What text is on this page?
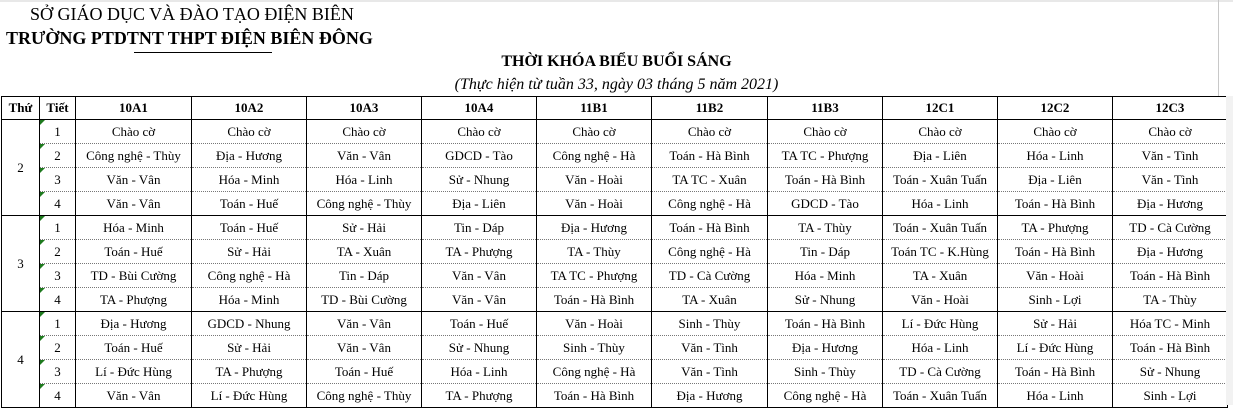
SỞ GIÁO DỤC VÀ ĐÀO TẠO ĐIỆN BIÊN
TRƯỜNG PTDTNT THPT ĐIỆN BIÊN ĐÔNG
THỜI KHÓA BIỂU BUỔI SÁNG
(Thực hiện từ tuần 33, ngày 03 tháng 5 năm 2021)
Thứ	Tiết	10A1	10A2	10A3	10A4	11B1	11B2	11B3	12C1	12C2	12C3
2	1	Chào cờ	Chào cờ	Chào cờ	Chào cờ	Chào cờ	Chào cờ	Chào cờ	Chào cờ	Chào cờ	Chào cờ

2	Công nghệ - Thùy	Địa - Hương	Văn - Vân	GDCD - Tào	Công nghệ - Hà	Toán - Hà Bình	TA TC - Phượng	Địa - Liên	Hóa - Linh	Văn - Tình

3	Văn - Vân	Hóa - Minh	Hóa - Linh	Sử - Nhung	Văn - Hoài	TA TC - Xuân	Toán - Hà Bình	Toán - Xuân Tuấn	Địa - Liên	Văn - Tình

4	Văn - Vân	Toán - Huế	Công nghệ - Thùy	Địa - Liên	Văn - Hoài	Công nghệ - Hà	GDCD - Tào	Hóa - Linh	Toán - Hà Bình	Địa - Hương
3	1	Hóa - Minh	Toán - Huế	Sử - Hải	Tin - Dáp	Địa - Hương	Toán - Hà Bình	TA - Thùy	Toán - Xuân Tuấn	TA - Phượng	TD - Cà Cường

2	Toán - Huế	Sử - Hải	TA - Xuân	TA - Phượng	TA - Thùy	Công nghệ - Hà	Tin - Dáp	Toán TC - K.Hùng	Toán - Hà Bình	Địa - Hương

3	TD - Bùi Cường	Công nghệ - Hà	Tin - Dáp	Văn - Vân	TA TC - Phượng	TD - Cà Cường	Hóa - Minh	TA - Xuân	Văn - Hoài	Toán - Hà Bình

4	TA - Phượng	Hóa - Minh	TD - Bùi Cường	Văn - Vân	Toán - Hà Bình	TA - Xuân	Sử - Nhung	Văn - Hoài	Sinh - Lợi	TA - Thùy
4	1	Địa - Hương	GDCD - Nhung	Văn - Vân	Toán - Huế	Văn - Hoài	Sinh - Thùy	Toán - Hà Bình	Lí - Đức Hùng	Sử - Hải	Hóa TC - Minh

2	Toán - Huế	Sử - Hải	Văn - Vân	Sử - Nhung	Sinh - Thùy	Văn - Tình	Địa - Hương	Hóa - Linh	Lí - Đức Hùng	Toán - Hà Bình

3	Lí - Đức Hùng	TA - Phượng	Toán - Huế	Hóa - Linh	Công nghệ - Hà	Văn - Tình	Sinh - Thùy	TD - Cà Cường	Toán - Hà Bình	Sử - Nhung

4	Văn - Vân	Lí - Đức Hùng	Công nghệ - Thùy	TA - Phượng	Toán - Hà Bình	Địa - Hương	Công nghệ - Hà	Toán - Xuân Tuấn	Hóa - Linh	Sinh - Lợi
